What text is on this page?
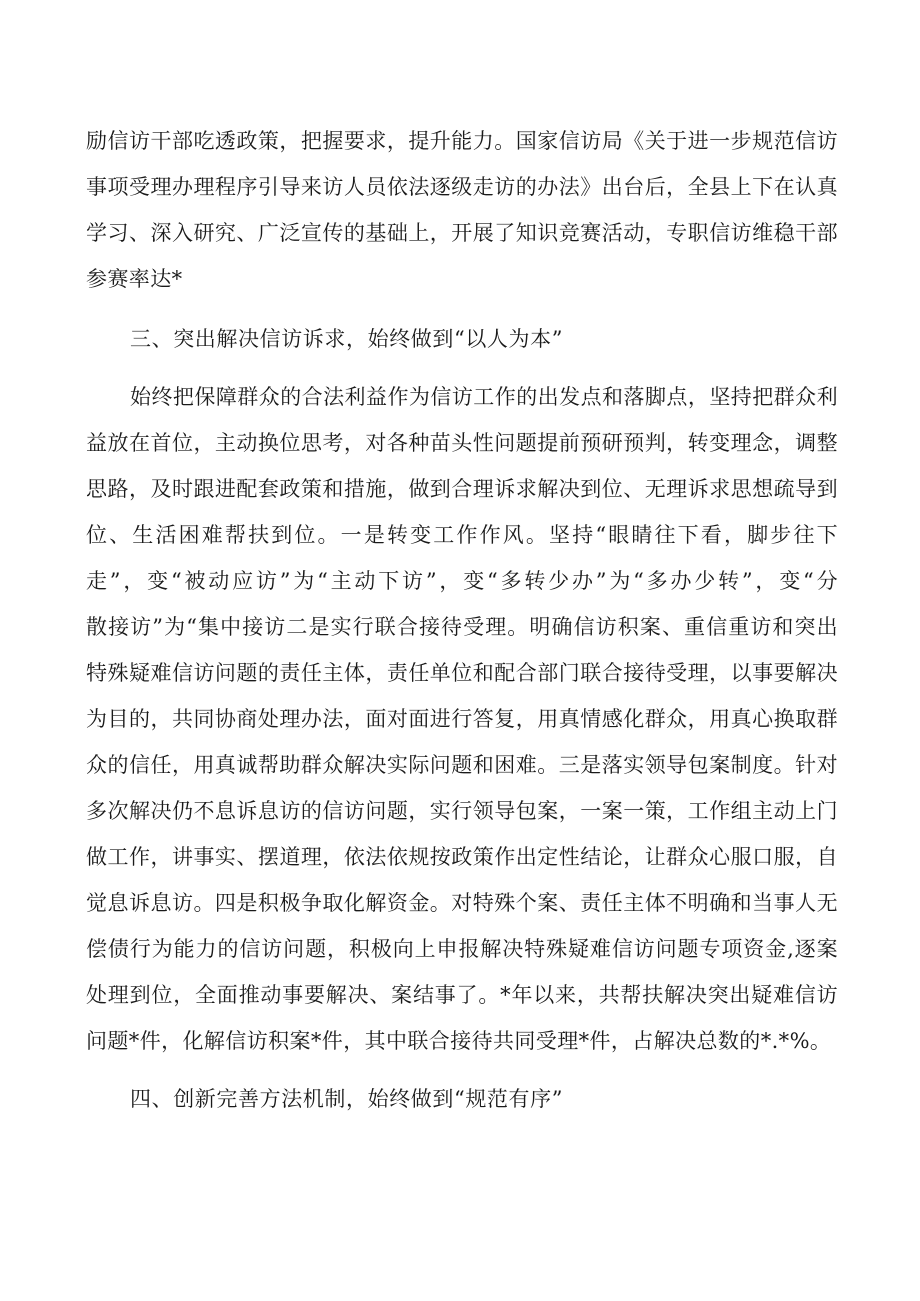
励信访干部吃透政策，把握要求，提升能力。国家信访局《关于进一步规范信访
事项受理办理程序引导来访人员依法逐级走访的办法》出台后，全县上下在认真
学习、深入研究、广泛宣传的基础上，开展了知识竞赛活动，专职信访维稳干部
参赛率达*
三、突出解决信访诉求，始终做到“以人为本”
始终把保障群众的合法利益作为信访工作的出发点和落脚点，坚持把群众利
益放在首位，主动换位思考，对各种苗头性问题提前预研预判，转变理念，调整
思路，及时跟进配套政策和措施，做到合理诉求解决到位、无理诉求思想疏导到
位、生活困难帮扶到位。一是转变工作作风。坚持“眼睛往下看，脚步往下
走”，变“被动应访”为“主动下访”，变“多转少办”为“多办少转”，变“分
散接访”为“集中接访二是实行联合接待受理。明确信访积案、重信重访和突出
特殊疑难信访问题的责任主体，责任单位和配合部门联合接待受理，以事要解决
为目的，共同协商处理办法，面对面进行答复，用真情感化群众，用真心换取群
众的信任，用真诚帮助群众解决实际问题和困难。三是落实领导包案制度。针对
多次解决仍不息诉息访的信访问题，实行领导包案，一案一策，工作组主动上门
做工作，讲事实、摆道理，依法依规按政策作出定性结论，让群众心服口服，自
觉息诉息访。四是积极争取化解资金。对特殊个案、责任主体不明确和当事人无
偿债行为能力的信访问题，积极向上申报解决特殊疑难信访问题专项资金,逐案
处理到位，全面推动事要解决、案结事了。*年以来，共帮扶解决突出疑难信访
问题*件，化解信访积案*件，其中联合接待共同受理*件，占解决总数的*.*%。
四、创新完善方法机制，始终做到“规范有序”
